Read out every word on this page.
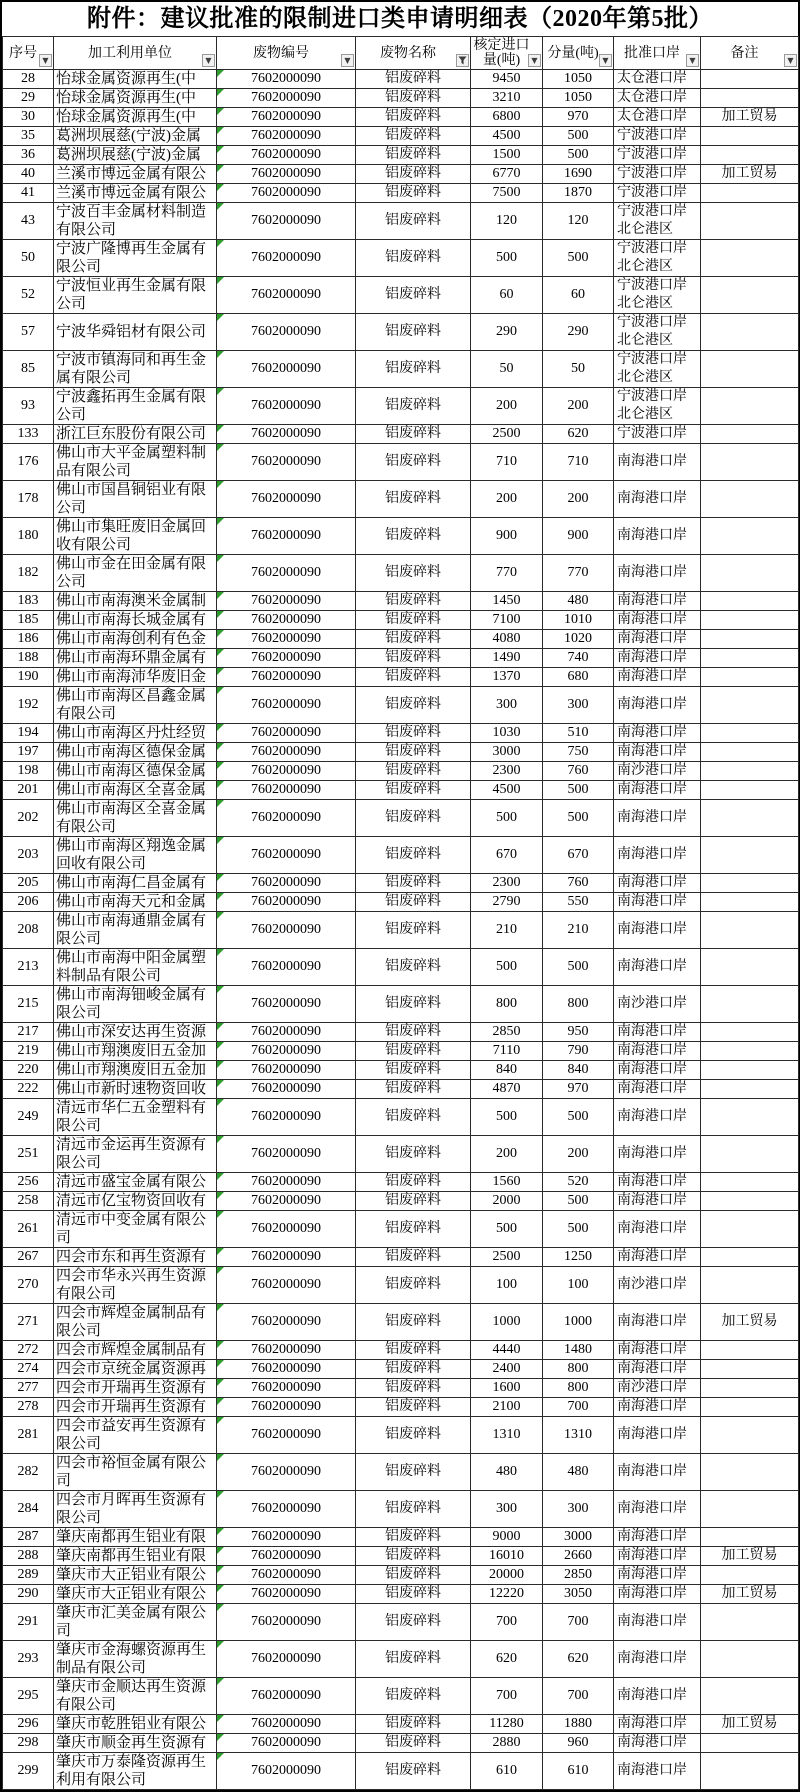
附件：建议批准的限制进口类申请明细表（2020年第5批）
序号 ▼	加工利用单位 ▼	废物编号 ▼	废物名称	核定进口量(吨) ▼	分量(吨) ▼	批准口岸 ▼	备注 ▼

28	怡球金属资源再生(中	7602000090	铝废碎料	9450	1050	太仓港口岸	
29	怡球金属资源再生(中	7602000090	铝废碎料	3210	1050	太仓港口岸	
30	怡球金属资源再生(中	7602000090	铝废碎料	6800	970	太仓港口岸	加工贸易
35	葛洲坝展慈(宁波)金属	7602000090	铝废碎料	4500	500	宁波港口岸	
36	葛洲坝展慈(宁波)金属	7602000090	铝废碎料	1500	500	宁波港口岸	
40	兰溪市博远金属有限公	7602000090	铝废碎料	6770	1690	宁波港口岸	加工贸易
41	兰溪市博远金属有限公	7602000090	铝废碎料	7500	1870	宁波港口岸	
43	宁波百丰金属材料制造有限公司	7602000090	铝废碎料	120	120	宁波港口岸北仑港区	
50	宁波广隆博再生金属有限公司	7602000090	铝废碎料	500	500	宁波港口岸北仑港区	
52	宁波恒业再生金属有限公司	7602000090	铝废碎料	60	60	宁波港口岸北仑港区	
57	宁波华舜铝材有限公司	7602000090	铝废碎料	290	290	宁波港口岸北仑港区	
85	宁波市镇海同和再生金属有限公司	7602000090	铝废碎料	50	50	宁波港口岸北仑港区	
93	宁波鑫拓再生金属有限公司	7602000090	铝废碎料	200	200	宁波港口岸北仑港区	
133	浙江巨东股份有限公司	7602000090	铝废碎料	2500	620	宁波港口岸	
176	佛山市大平金属塑料制品有限公司	7602000090	铝废碎料	710	710	南海港口岸	
178	佛山市国昌铜铝业有限公司	7602000090	铝废碎料	200	200	南海港口岸	
180	佛山市集旺废旧金属回收有限公司	7602000090	铝废碎料	900	900	南海港口岸	
182	佛山市金在田金属有限公司	7602000090	铝废碎料	770	770	南海港口岸	
183	佛山市南海澳米金属制	7602000090	铝废碎料	1450	480	南海港口岸	
185	佛山市南海长城金属有	7602000090	铝废碎料	7100	1010	南海港口岸	
186	佛山市南海创利有色金	7602000090	铝废碎料	4080	1020	南海港口岸	
188	佛山市南海环鼎金属有	7602000090	铝废碎料	1490	740	南海港口岸	
190	佛山市南海沛华废旧金	7602000090	铝废碎料	1370	680	南海港口岸	
192	佛山市南海区昌鑫金属有限公司	7602000090	铝废碎料	300	300	南海港口岸	
194	佛山市南海区丹灶经贸	7602000090	铝废碎料	1030	510	南海港口岸	
197	佛山市南海区德保金属	7602000090	铝废碎料	3000	750	南海港口岸	
198	佛山市南海区德保金属	7602000090	铝废碎料	2300	760	南沙港口岸	
201	佛山市南海区全喜金属	7602000090	铝废碎料	4500	500	南海港口岸	
202	佛山市南海区全喜金属有限公司	7602000090	铝废碎料	500	500	南海港口岸	
203	佛山市南海区翔逸金属回收有限公司	7602000090	铝废碎料	670	670	南海港口岸	
205	佛山市南海仁昌金属有	7602000090	铝废碎料	2300	760	南海港口岸	
206	佛山市南海天元和金属	7602000090	铝废碎料	2790	550	南海港口岸	
208	佛山市南海通鼎金属有限公司	7602000090	铝废碎料	210	210	南海港口岸	
213	佛山市南海中阳金属塑料制品有限公司	7602000090	铝废碎料	500	500	南海港口岸	
215	佛山市南海钿峻金属有限公司	7602000090	铝废碎料	800	800	南沙港口岸	
217	佛山市深安达再生资源	7602000090	铝废碎料	2850	950	南海港口岸	
219	佛山市翔澳废旧五金加	7602000090	铝废碎料	7110	790	南海港口岸	
220	佛山市翔澳废旧五金加	7602000090	铝废碎料	840	840	南海港口岸	
222	佛山市新时速物资回收	7602000090	铝废碎料	4870	970	南海港口岸	
249	清远市华仁五金塑料有限公司	7602000090	铝废碎料	500	500	南海港口岸	
251	清远市金运再生资源有限公司	7602000090	铝废碎料	200	200	南海港口岸	
256	清远市盛宝金属有限公	7602000090	铝废碎料	1560	520	南海港口岸	
258	清远市亿宝物资回收有	7602000090	铝废碎料	2000	500	南海港口岸	
261	清远市中变金属有限公司	7602000090	铝废碎料	500	500	南海港口岸	
267	四会市东和再生资源有	7602000090	铝废碎料	2500	1250	南海港口岸	
270	四会市华永兴再生资源有限公司	7602000090	铝废碎料	100	100	南沙港口岸	
271	四会市辉煌金属制品有限公司	7602000090	铝废碎料	1000	1000	南海港口岸	加工贸易
272	四会市辉煌金属制品有	7602000090	铝废碎料	4440	1480	南海港口岸	
274	四会市京统金属资源再	7602000090	铝废碎料	2400	800	南海港口岸	
277	四会市开瑞再生资源有	7602000090	铝废碎料	1600	800	南沙港口岸	
278	四会市开瑞再生资源有	7602000090	铝废碎料	2100	700	南海港口岸	
281	四会市益安再生资源有限公司	7602000090	铝废碎料	1310	1310	南海港口岸	
282	四会市裕恒金属有限公司	7602000090	铝废碎料	480	480	南海港口岸	
284	四会市月晖再生资源有限公司	7602000090	铝废碎料	300	300	南海港口岸	
287	肇庆南都再生铝业有限	7602000090	铝废碎料	9000	3000	南海港口岸	
288	肇庆南都再生铝业有限	7602000090	铝废碎料	16010	2660	南海港口岸	加工贸易
289	肇庆市大正铝业有限公	7602000090	铝废碎料	20000	2850	南海港口岸	
290	肇庆市大正铝业有限公	7602000090	铝废碎料	12220	3050	南海港口岸	加工贸易
291	肇庆市汇美金属有限公司	7602000090	铝废碎料	700	700	南海港口岸	
293	肇庆市金海螺资源再生制品有限公司	7602000090	铝废碎料	620	620	南海港口岸	
295	肇庆市金顺达再生资源有限公司	7602000090	铝废碎料	700	700	南海港口岸	
296	肇庆市乾胜铝业有限公	7602000090	铝废碎料	11280	1880	南海港口岸	加工贸易
298	肇庆市顺金再生资源有	7602000090	铝废碎料	2880	960	南海港口岸	
299	肇庆市万泰隆资源再生利用有限公司	7602000090	铝废碎料	610	610	南海港口岸	
